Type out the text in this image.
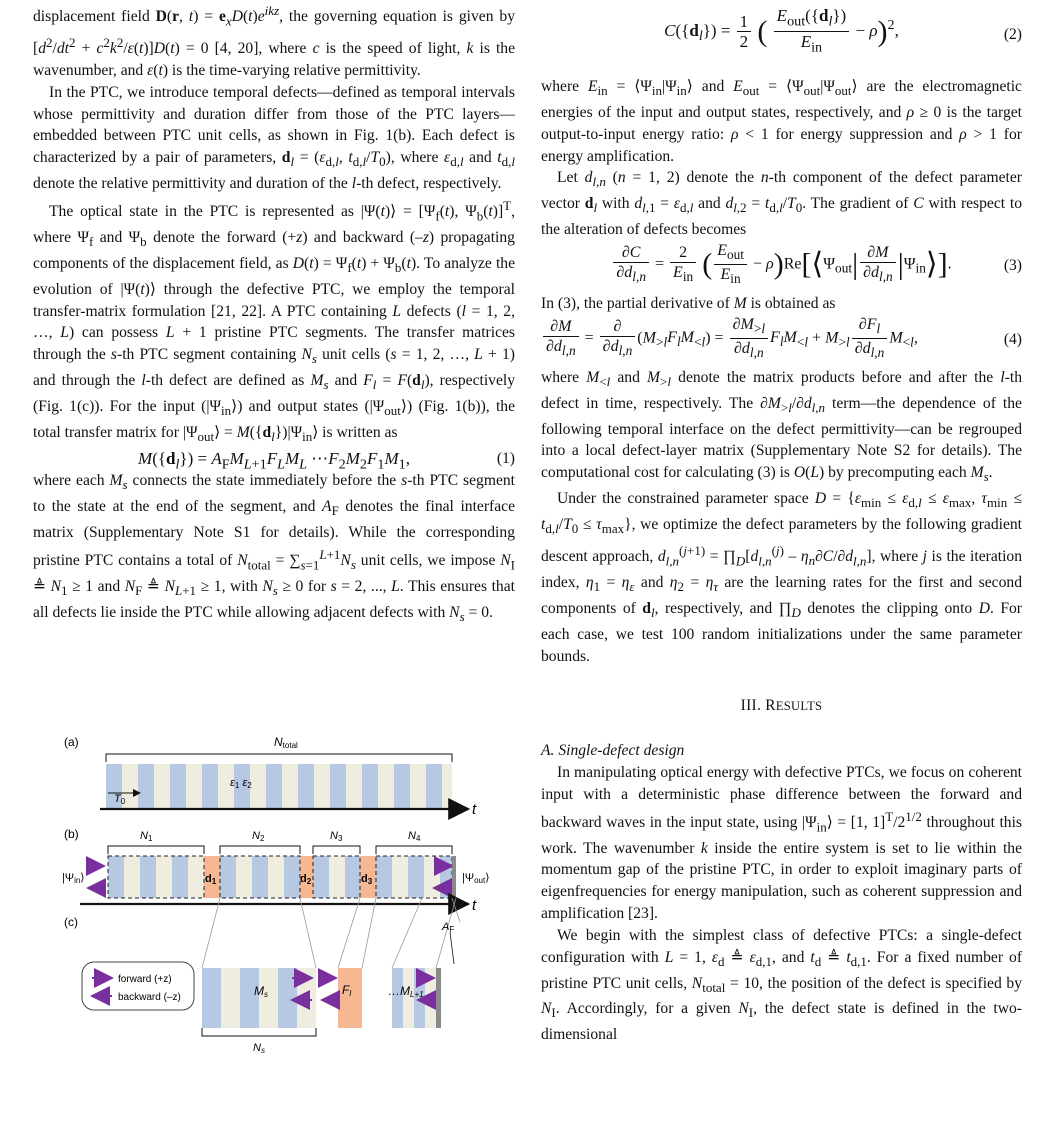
displacement field D(r, $t) = e_xD(t)e^{ikz}$, the governing equation is given by $[d^2/dt^2 + c^2k^2/\varepsilon(t)]D(t) = 0$ [4, 20], where c is the speed of light, k is the wavenumber, and ε(t) is the time-varying relative permittivity.

In the PTC, we introduce temporal defects—defined as temporal intervals whose permittivity and duration differ from those of the PTC layers—embedded between PTC unit cells, as shown in Fig. 1(b). Each defect is characterized by a pair of parameters, $d_l = (\varepsilon_{d,l}$, $t_{d,l}/T_0$), where $\varepsilon_{d,l}$ and $t_{d,l}$ denote the relative permittivity and duration of the l-th defect, respectively.

The optical state in the PTC is represented as |Ψ(t)⟩ = [$\Psi_f(t)$, $\Psi_b(t)]^T$, where $\Psi_f$ and $\Psi_b$ denote the forward (+z) and backward (–z) propagating components of the displacement field, as $D(t) = \Psi_f(t) + \Psi_b(t)$. To analyze the evolution of |Ψ(t)⟩ through the defective PTC, we employ the temporal transfer-matrix formulation [21, 22]. A PTC containing L defects (l = 1, 2, …, L) can possess L + 1 pristine PTC segments. The transfer matrices through the s-th PTC segment containing $N_s$ unit cells (s = 1, 2, …, L + 1) and through the l-th defect are defined as $M_s$ and $F_l = F(d_l)$, respectively (Fig. 1(c)). For the input $(|\Psi_{in}⟩)$ and output states $(|\Psi_{out}⟩)$ (Fig. 1(b)), the total transfer matrix for $|\Psi_{out}⟩$ = $M(\{d_l\})|\Psi_{in}⟩$ is written as

$M(\{d_l\}) = A_FM_{L+1}F_LM_L$ $\cdots F_2M_2F_1M_1$,	(1)

where each $M_s$ connects the state immediately before the s-th PTC segment to the state at the end of the segment, and $A_F$ denotes the final interface matrix (Supplementary Note S1 for details). While the corresponding pristine PTC contains a total of $N_{total} = \sum_{s=1}^{L+1}N_s$ unit cells, we impose $N_I$ ≜ $N_1 \ge 1$ and $N_F$ ≜ $N_{L+1} \ge 1$, with $N_s \ge 0$ for s = 2, ..., L. This ensures that all defects lie inside the PTC while allowing adjacent defects with $N_s = 0$.

(a)	Ntotal
T0
ε1 ε2
t
(b)	N1	N2	N3	N4
d1	d2	d3
|Ψin⟩	|Ψout⟩
t
(c)	AF
forward (+z)
backward (–z)	Ms
Ns
Fl	…ML+1
$C(\{d_l\}) = \frac{1}{2}$ ( $\frac{E_{out}(\{d_l\})}{E_{in}} - \rho)^2$,	(2)

where $E_{in}$ = $⟨\Psi_{in}|\Psi_{in}⟩$ and $E_{out}$ = $⟨\Psi_{out}|\Psi_{out}⟩$ are the electromagnetic energies of the input and output states, respectively, and ρ ≥ 0 is the target output-to-input energy ratio: ρ < 1 for energy suppression and ρ > 1 for energy amplification.

Let $d_{l,n}$ (n = 1, 2) denote the n-th component of the defect parameter vector $d_l$ with $d_{l,1} = \varepsilon_{d,l}$ and $d_{l,2} = t_{d,l}/T_0$. The gradient of C with respect to the alteration of defects becomes

$\frac{\partial C}{\partial d_{l,n}} = \frac{2}{E_{in}}$ ( $\frac{E_{out}}{E_{in}}$ − $\rho)Re[⟨\Psi_{out}| \frac{\partial M}{\partial d_{l,n}}$ $|\Psi_{in}⟩$].	(3)

In (3), the partial derivative of M is obtained as

$\frac{\partial M}{\partial d_{l,n}} = \frac{\partial}{\partial d_{l,n}} (M_{>l}F_lM_{<l}) = \frac{\partial M_{>l}}{\partial d_{l,n}} F_lM_{<l} + M_{>l} \frac{\partial F_l}{\partial d_{l,n}} M_{<l}$,	(4)

where $M_{<l}$ and $M_{>l}$ denote the matrix products before and after the l-th defect in time, respectively. The $\partial M_{>l}/\partial d_{l,n}$ term—the dependence of the following temporal interface on the defect permittivity—can be regrouped into a local defect-layer matrix (Supplementary Note S2 for details). The computational cost for calculating (3) is O(L) by precomputing each $M_s$.

Under the constrained parameter space $D = \{\varepsilon_{min} \le \varepsilon_{d,l} \le \varepsilon_{max}$, $\tau_{min} \le t_{d,l}/T_0 \le \tau_{max}$}, we optimize the defect parameters by the following gradient descent approach, $d_{l,n}^{(j+1)}$ = $\prod_D[d_{l,n}^{(j)} - \eta_n\partial C/\partial d_{l,n}]$, where j is the iteration index, $\eta_1 = \eta_\varepsilon$ and $\eta_2 = \eta_\tau$ are the learning rates for the first and second components of $d_l$, respectively, and $\prod_D$ denotes the clipping onto D. For each case, we test 100 random initializations under the same parameter bounds.

III. RESULTS

A. Single-defect design

In manipulating optical energy with defective PTCs, we focus on coherent input with a deterministic phase difference between the forward and backward waves in the input state, using $|\Psi_{in}⟩ = [1$, $1]^T/2^{1/2}$ throughout this work. The wavenumber k inside the entire system is set to lie within the momentum gap of the pristine PTC, in order to exploit imaginary parts of eigenfrequencies for energy manipulation, such as coherent suppression and amplification [23].

We begin with the simplest class of defective PTCs: a single-defect configuration with L = 1, $\varepsilon_d$ ≜ $\varepsilon_{d,1}$, and $t_d$ ≜ $t_{d,1}$. For a fixed number of pristine PTC unit cells, $N_{total} = 10$, the position of the defect is specified by $N_I$. Accordingly, for a given $N_I$, the defect state is defined in the two-dimensional
